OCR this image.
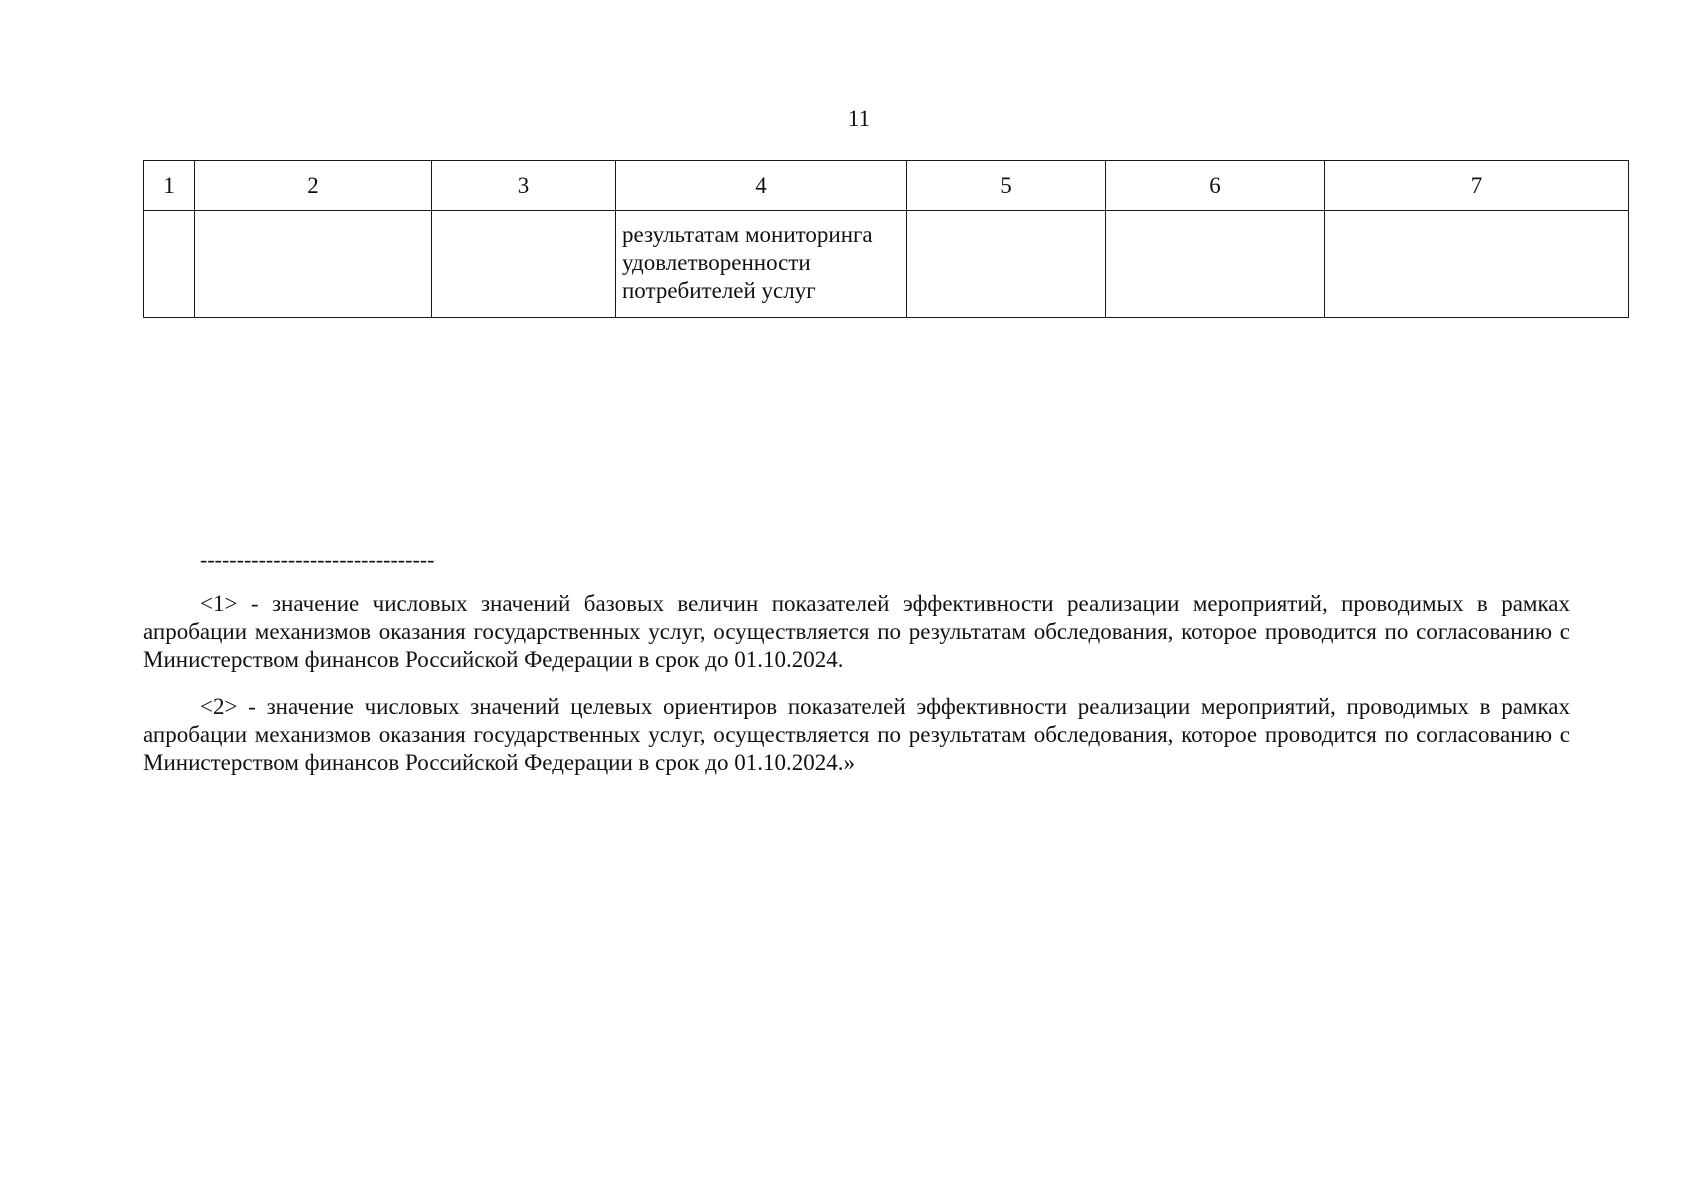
11
1	2	3	4	5	6	7

			результатам мониторинга
удовлетворенности
потребителей услуг			

--------------------------------

<1> - значение числовых значений базовых величин показателей эффективности реализации мероприятий, проводимых в рамках апробации механизмов оказания государственных услуг, осуществляется по результатам обследования, которое проводится по согласованию с Министерством финансов Российской Федерации в срок до 01.10.2024.

<2> - значение числовых значений целевых ориентиров показателей эффективности реализации мероприятий, проводимых в рамках апробации механизмов оказания государственных услуг, осуществляется по результатам обследования, которое проводится по согласованию с Министерством финансов Российской Федерации в срок до 01.10.2024.»
